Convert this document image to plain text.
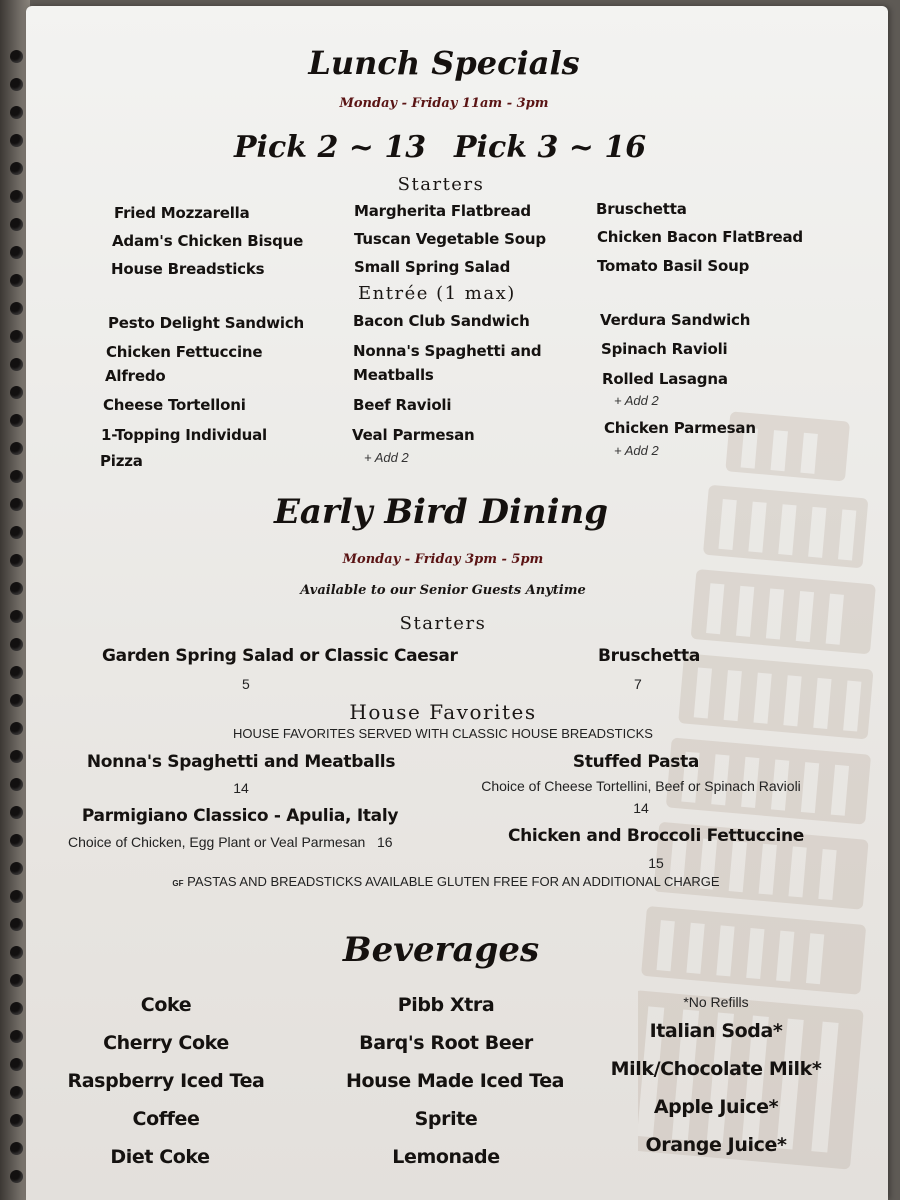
Lunch Specials
Monday - Friday 11am - 3pm
Pick 2 ~ 13 Pick 3 ~ 16
Starters
Fried Mozzarella	Margherita Flatbread	Bruschetta
Adam's Chicken Bisque	Tuscan Vegetable Soup	Chicken Bacon FlatBread
House Breadsticks	Small Spring Salad	Tomato Basil Soup
Entrée (1 max)
Pesto Delight Sandwich
Chicken Fettuccine
Alfredo
Cheese Tortelloni
1-Topping Individual
Pizza
Bacon Club Sandwich
Nonna's Spaghetti and
Meatballs
Beef Ravioli
Veal Parmesan
+ Add 2
Verdura Sandwich
Spinach Ravioli
Rolled Lasagna
+ Add 2
Chicken Parmesan
+ Add 2
Early Bird Dining
Monday - Friday 3pm - 5pm
Available to our Senior Guests Anytime
Starters
Garden Spring Salad or Classic Caesar
5
Bruschetta
7
House Favorites
HOUSE FAVORITES SERVED WITH CLASSIC HOUSE BREADSTICKS
Nonna's Spaghetti and Meatballs
14
Stuffed Pasta
Choice of Cheese Tortellini, Beef or Spinach Ravioli
14
Parmigiano Classico - Apulia, Italy
Choice of Chicken, Egg Plant or Veal Parmesan 16	Chicken and Broccoli Fettuccine
15
GF PASTAS AND BREADSTICKS AVAILABLE GLUTEN FREE FOR AN ADDITIONAL CHARGE
Beverages
Coke
Cherry Coke
Raspberry Iced Tea
Coffee
Diet Coke
Pibb Xtra
Barq's Root Beer
House Made Iced Tea
Sprite
Lemonade
*No Refills
Italian Soda*
Milk/Chocolate Milk*
Apple Juice*
Orange Juice*
